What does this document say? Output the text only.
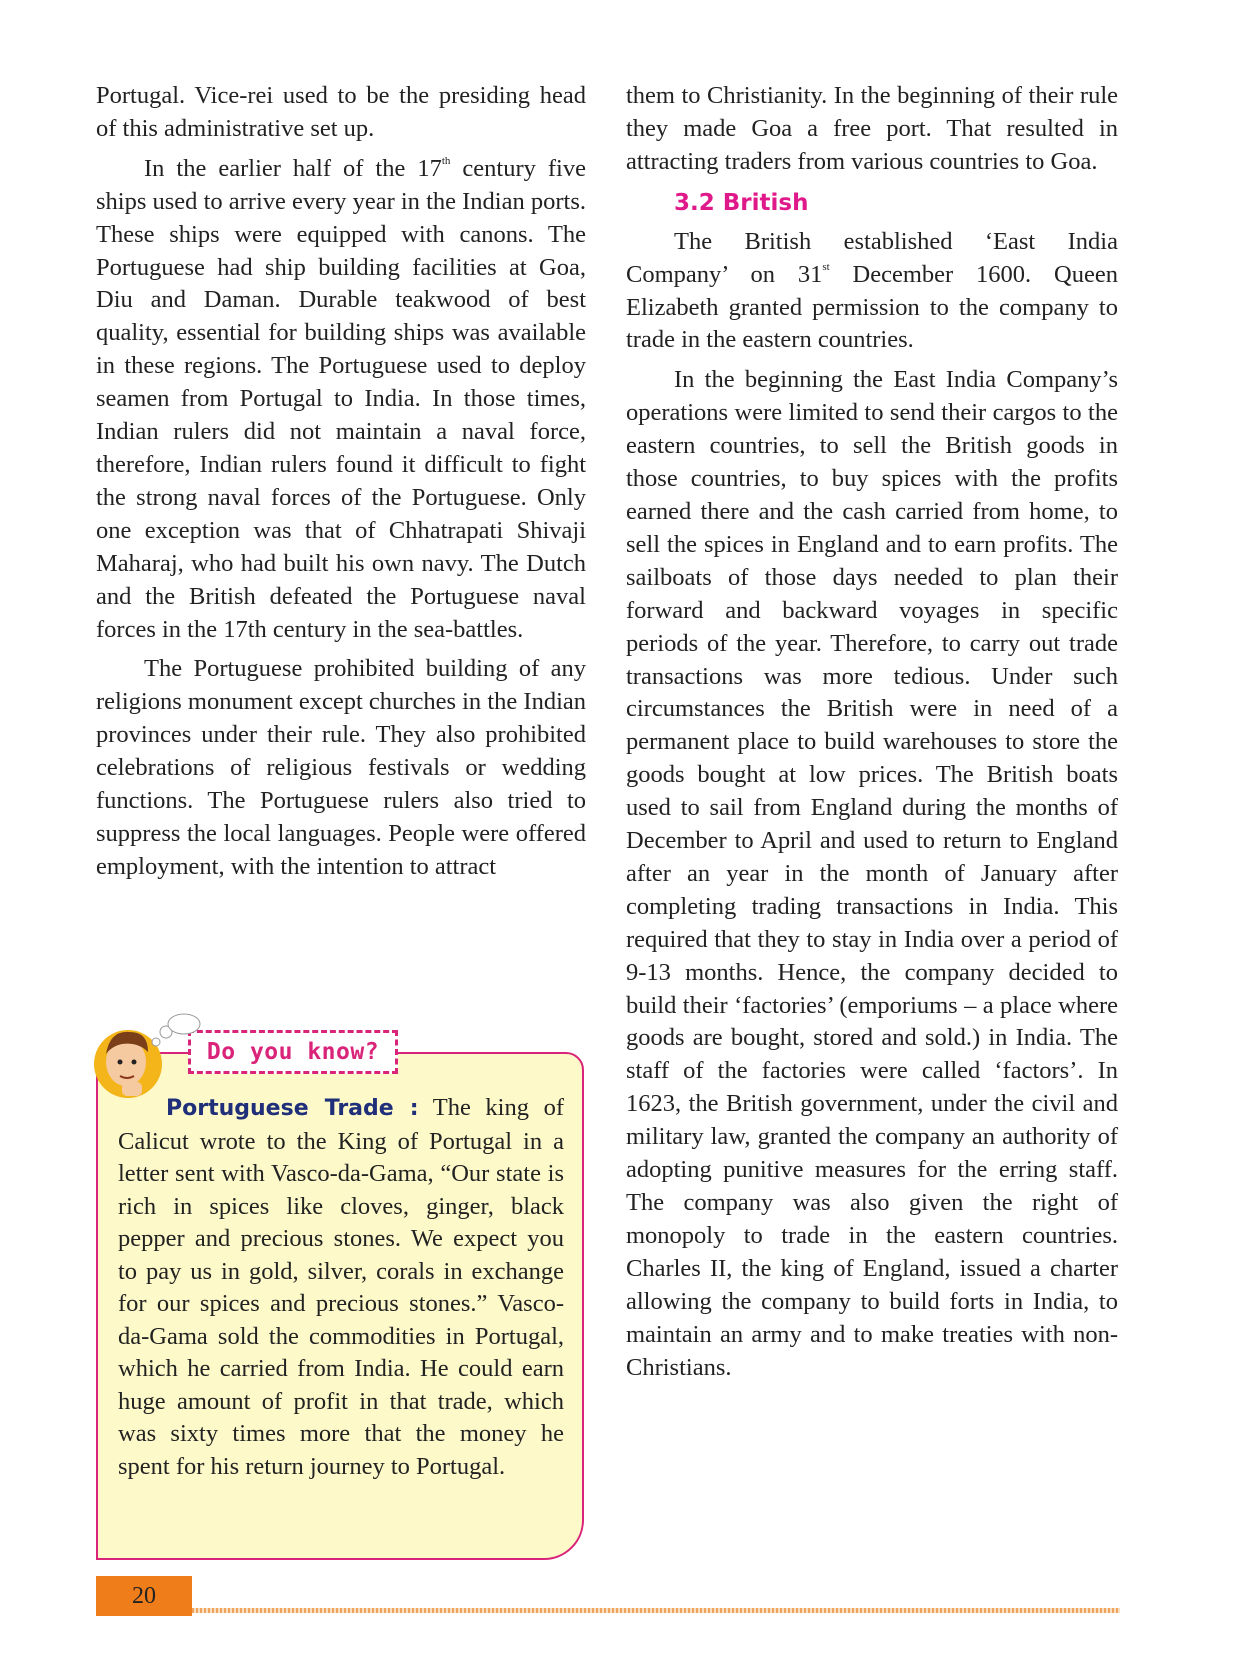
Portugal. Vice-rei used to be the presiding head of this administrative set up.

In the earlier half of the 17th century five ships used to arrive every year in the Indian ports. These ships were equipped with canons. The Portuguese had ship building facilities at Goa, Diu and Daman. Durable teakwood of best quality, essential for building ships was available in these regions. The Portuguese used to deploy seamen from Portugal to India. In those times, Indian rulers did not maintain a naval force, therefore, Indian rulers found it difficult to fight the strong naval forces of the Portuguese. Only one exception was that of Chhatrapati Shivaji Maharaj, who had built his own navy. The Dutch and the British defeated the Portuguese naval forces in the 17th century in the sea-battles.

The Portuguese prohibited building of any religions monument except churches in the Indian provinces under their rule. They also prohibited celebrations of religious festivals or wedding functions. The Portuguese rulers also tried to suppress the local languages. People were offered employment, with the intention to attract

Portuguese Trade : The king of Calicut wrote to the King of Portugal in a letter sent with Vasco-da-Gama, “Our state is rich in spices like cloves, ginger, black pepper and precious stones. We expect you to pay us in gold, silver, corals in exchange for our spices and precious stones.” Vasco-da-Gama sold the commodities in Portugal, which he carried from India. He could earn huge amount of profit in that trade, which was sixty times more that the money he spent for his return journey to Portugal.

Do you know?

them to Christianity. In the beginning of their rule they made Goa a free port. That resulted in attracting traders from various countries to Goa.

3.2 British

The British established ‘East India Company’ on 31st December 1600. Queen Elizabeth granted permission to the company to trade in the eastern countries.

In the beginning the East India Company’s operations were limited to send their cargos to the eastern countries, to sell the British goods in those countries, to buy spices with the profits earned there and the cash carried from home, to sell the spices in England and to earn profits. The sailboats of those days needed to plan their forward and backward voyages in specific periods of the year. Therefore, to carry out trade transactions was more tedious. Under such circumstances the British were in need of a permanent place to build warehouses to store the goods bought at low prices. The British boats used to sail from England during the months of December to April and used to return to England after an year in the month of January after completing trading transactions in India. This required that they to stay in India over a period of 9-13 months. Hence, the company decided to build their ‘factories’ (emporiums – a place where goods are bought, stored and sold.) in India. The staff of the factories were called ‘factors’. In 1623, the British government, under the civil and military law, granted the company an authority of adopting punitive measures for the erring staff. The company was also given the right of monopoly to trade in the eastern countries. Charles II, the king of England, issued a charter allowing the company to build forts in India, to maintain an army and to make treaties with non-Christians.

20
